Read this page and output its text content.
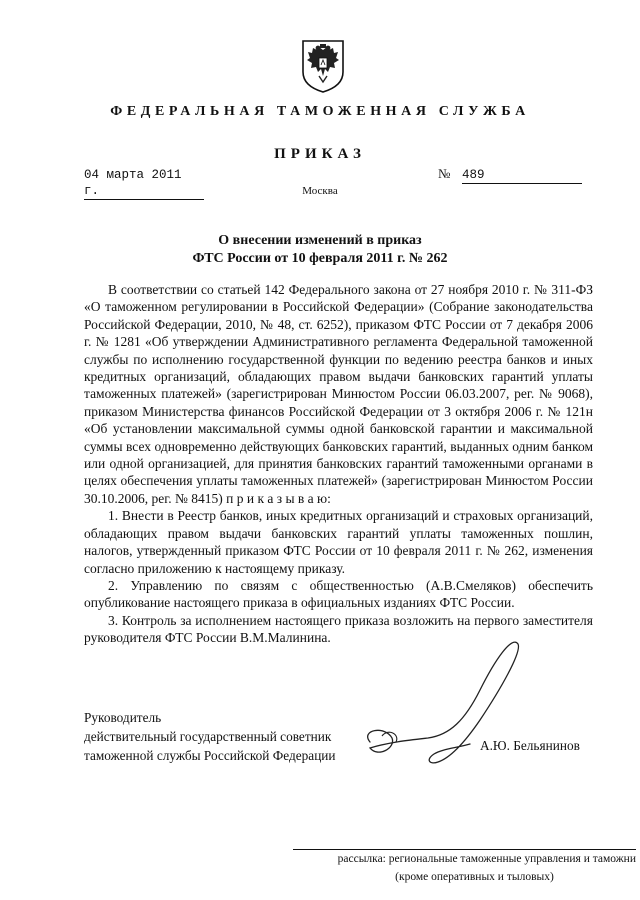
ФЕДЕРАЛЬНАЯ ТАМОЖЕННАЯ СЛУЖБА
ПРИКАЗ
04 марта 2011 г.
№ 489
Москва
О внесении изменений в приказ
ФТС России от 10 февраля 2011 г. № 262

В соответствии со статьей 142 Федерального закона от 27 ноября 2010 г. № 311-ФЗ «О таможенном регулировании в Российской Федерации» (Собрание законодательства Российской Федерации, 2010, № 48, ст. 6252), приказом ФТС России от 7 декабря 2006 г. № 1281 «Об утверждении Административного регламента Федеральной таможенной службы по исполнению государственной функции по ведению реестра банков и иных кредитных организаций, обладающих правом выдачи банковских гарантий уплаты таможенных платежей» (зарегистрирован Минюстом России 06.03.2007, рег. № 9068), приказом Министерства финансов Российской Федерации от 3 октября 2006 г. № 121н «Об установлении максимальной суммы одной банковской гарантии и максимальной суммы всех одновременно действующих банковских гарантий, выданных одним банком или одной организацией, для принятия банковских гарантий таможенными органами в целях обеспечения уплаты таможенных платежей» (зарегистрирован Минюстом России 30.10.2006, рег. № 8415) п р и к а з ы в а ю:

1. Внести в Реестр банков, иных кредитных организаций и страховых организаций, обладающих правом выдачи банковских гарантий уплаты таможенных пошлин, налогов, утвержденный приказом ФТС России от 10 февраля 2011 г. № 262, изменения согласно приложению к настоящему приказу.

2. Управлению по связям с общественностью (А.В.Смеляков) обеспечить опубликование настоящего приказа в официальных изданиях ФТС России.

3. Контроль за исполнением настоящего приказа возложить на первого заместителя руководителя ФТС России В.М.Малинина.

Руководитель
действительный государственный советник
таможенной службы Российской Федерации
А.Ю. Бельянинов
рассылка: региональные таможенные управления и таможни
(кроме оперативных и тыловых)
